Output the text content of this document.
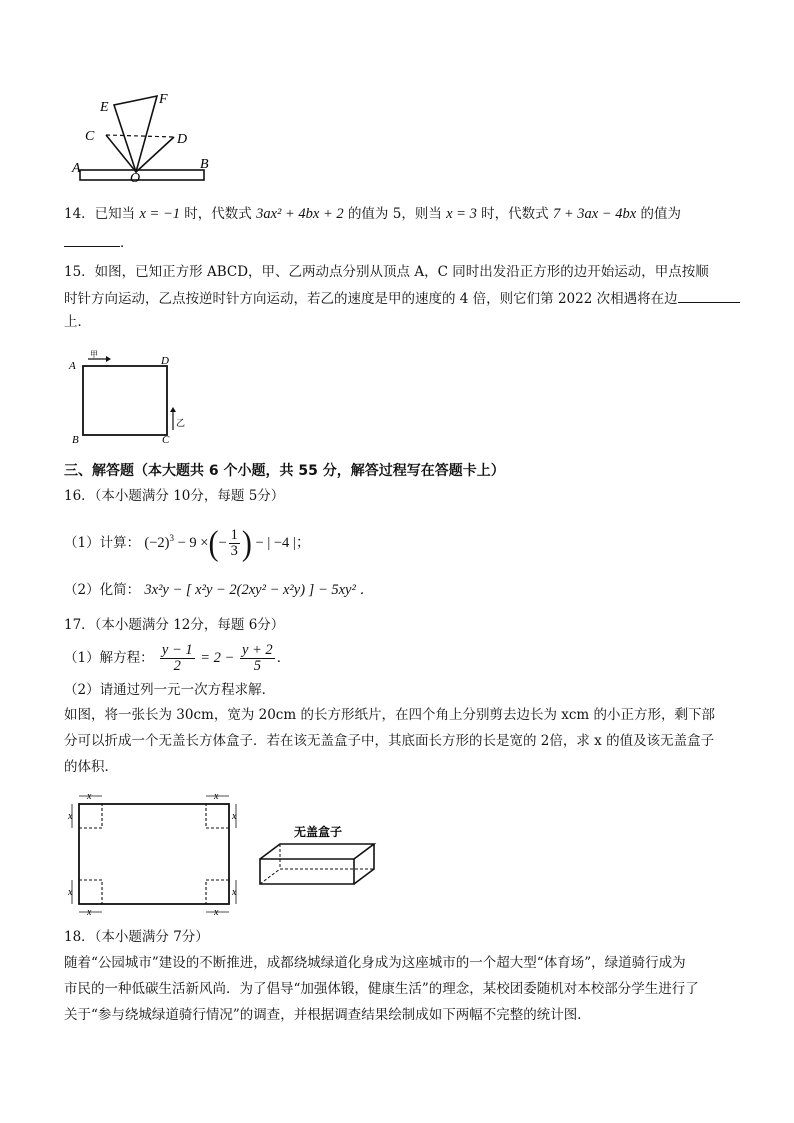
E
F
C	D
A	B
O
14．已知当 x = −1 时，代数式 3ax² + 4bx + 2 的值为 5，则当 x = 3 时，代数式 7 + 3ax − 4bx 的值为
．
15．如图，已知正方形 ABCD，甲、乙两动点分别从顶点 A，C 同时出发沿正方形的边开始运动，甲点按顺
时针方向运动，乙点按逆时针方向运动，若乙的速度是甲的速度的 4 倍，则它们第 2022 次相遇将在边
上．
A	D
B	C
甲
乙
三、解答题（本大题共 6 个小题，共 55 分，解答过程写在答题卡上）
16．（本小题满分 10分，每题 5分）
（1）计算： $(-2)^3 - 9$ ×(− $\frac{1}{3}$ ) − | −4 |；
（2）化简： 3x²y − [ x²y − 2(2xy² − x²y) ] − 5xy² ．
17．（本小题满分 12分，每题 6分）
（1）解方程： $\frac{y - 1}{2} = 2 - \frac{y + 2}{5}$ ．
（2）请通过列一元一次方程求解．
如图，将一张长为 30cm，宽为 20cm 的长方形纸片，在四个角上分别剪去边长为 xcm 的小正方形，剩下部
分可以折成一个无盖长方体盒子．若在该无盖盒子中，其底面长方形的长是宽的 2倍，求 x 的值及该无盖盒子
的体积．
x	x
x	x
x	x
x	x
无盖盒子
18．（本小题满分 7分）
随着“公园城市”建设的不断推进，成都绕城绿道化身成为这座城市的一个超大型“体育场”，绿道骑行成为
市民的一种低碳生活新风尚．为了倡导“加强体锻，健康生活”的理念，某校团委随机对本校部分学生进行了
关于“参与绕城绿道骑行情况”的调查，并根据调查结果绘制成如下两幅不完整的统计图．
